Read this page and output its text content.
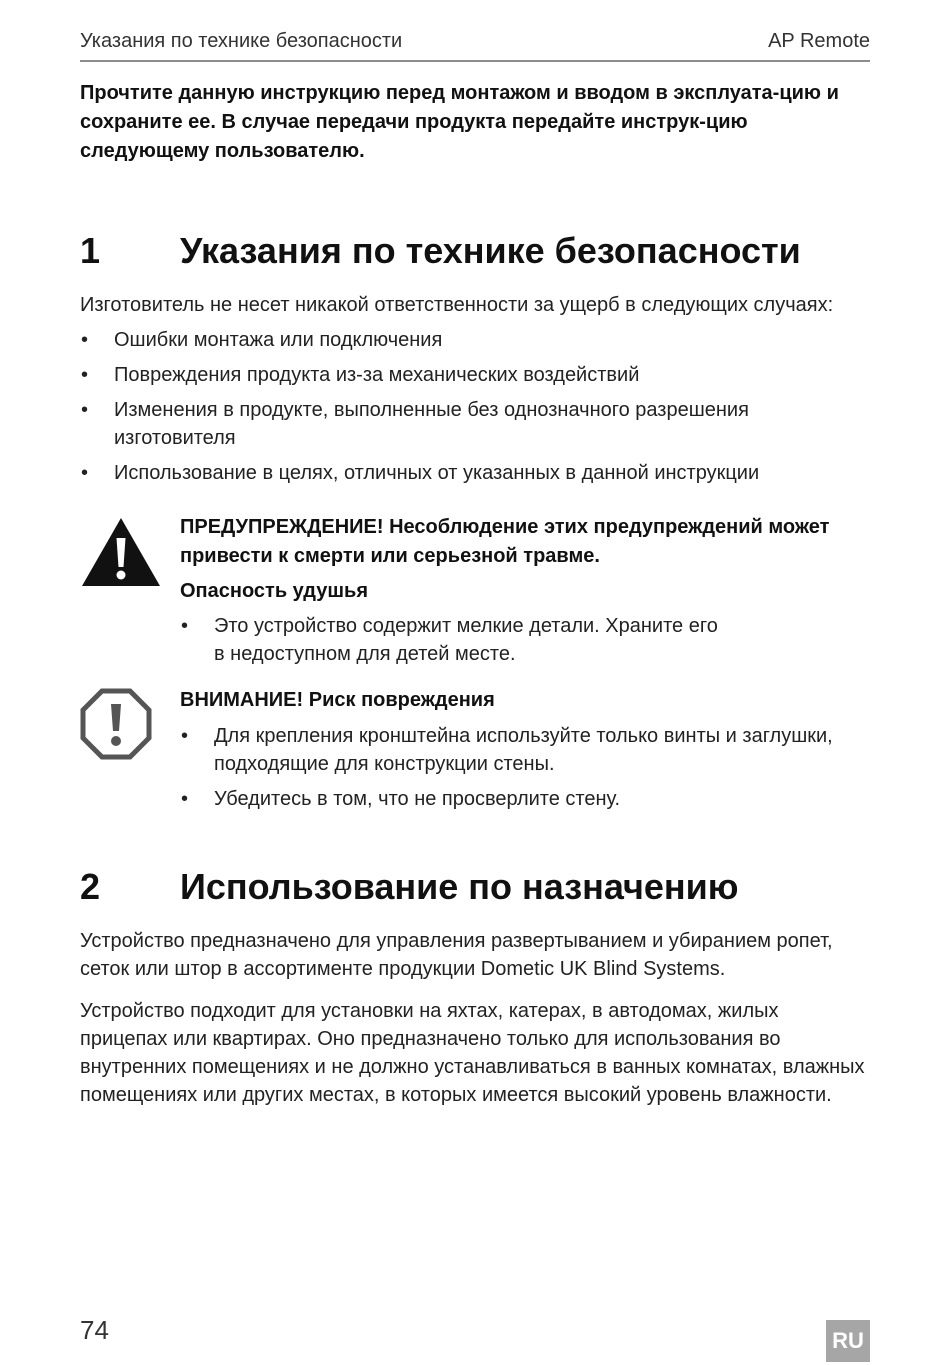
Указания по технике безопасности	AP Remote
Прочтите данную инструкцию перед монтажом и вводом в эксплуата-цию и сохраните ее. В случае передачи продукта передайте инструк-цию следующему пользователю.
1 Указания по технике безопасности
Изготовитель не несет никакой ответственности за ущерб в следующих случаях:
• Ошибки монтажа или подключения
• Повреждения продукта из-за механических воздействий
• Изменения в продукте, выполненные без однозначного разрешения изготовителя
• Использование в целях, отличных от указанных в данной инструкции
ПРЕДУПРЕЖДЕНИЕ! Несоблюдение этих предупреждений может привести к смерти или серьезной травме.
Опасность удушья
• Это устройство содержит мелкие детали. Храните его в недоступном для детей месте.
ВНИМАНИЕ! Риск повреждения
• Для крепления кронштейна используйте только винты и заглушки, подходящие для конструкции стены.
• Убедитесь в том, что не просверлите стену.
2 Использование по назначению
Устройство предназначено для управления развертыванием и убиранием ропет, сеток или штор в ассортименте продукции Dometic UK Blind Systems.
Устройство подходит для установки на яхтах, катерах, в автодомах, жилых прицепах или квартирах. Оно предназначено только для использования во внутренних помещениях и не должно устанавливаться в ванных комнатах, влажных помещениях или других местах, в которых имеется высокий уровень влажности.
74	RU
